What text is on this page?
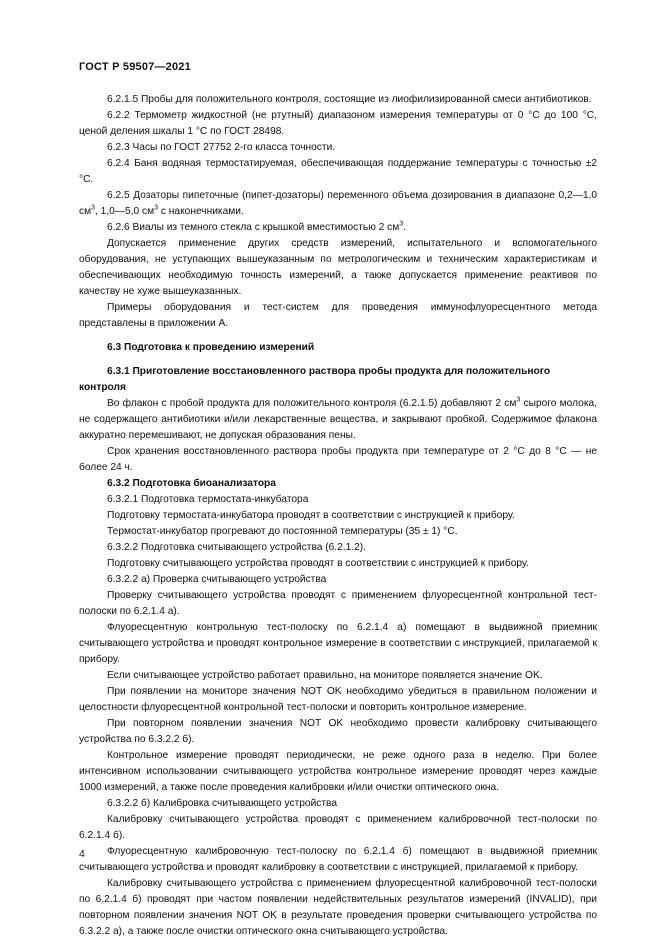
ГОСТ Р 59507—2021
6.2.1.5 Пробы для положительного контроля, состоящие из лиофилизированной смеси антибиотиков.
6.2.2 Термометр жидкостной (не ртутный) диапазоном измерения температуры от 0 °С до 100 °С, ценой деления шкалы 1 °С по ГОСТ 28498.
6.2.3 Часы по ГОСТ 27752 2-го класса точности.
6.2.4 Баня водяная термостатируемая, обеспечивающая поддержание температуры с точностью ±2 °С.
6.2.5 Дозаторы пипеточные (пипет-дозаторы) переменного объема дозирования в диапазоне 0,2—1,0 $см^3$, 1,0—5,0 $см^3$ с наконечниками.
6.2.6 Виалы из темного стекла с крышкой вместимостью 2 $см^3$.
Допускается применение других средств измерений, испытательного и вспомогательного оборудования, не уступающих вышеуказанным по метрологическим и техническим характеристикам и обеспечивающих необходимую точность измерений, а также допускается применение реактивов по качеству не хуже вышеуказанных.
Примеры оборудования и тест-систем для проведения иммунофлуоресцентного метода представлены в приложении А.
6.3 Подготовка к проведению измерений
6.3.1 Приготовление восстановленного раствора пробы продукта для положительного контроля
Во флакон с пробой продукта для положительного контроля (6.2.1.5) добавляют 2 $см^3$ сырого молока, не содержащего антибиотики и/или лекарственные вещества, и закрывают пробкой. Содержимое флакона аккуратно перемешивают, не допуская образования пены.
Срок хранения восстановленного раствора пробы продукта при температуре от 2 °С до 8 °С — не более 24 ч.
6.3.2 Подготовка биоанализатора
6.3.2.1 Подготовка термостата-инкубатора
Подготовку термостата-инкубатора проводят в соответствии с инструкцией к прибору.
Термостат-инкубатор прогревают до постоянной температуры (35 ± 1) °С.
6.3.2.2 Подготовка считывающего устройства (6.2.1.2).
Подготовку считывающего устройства проводят в соответствии с инструкцией к прибору.
6.3.2.2 а) Проверка считывающего устройства
Проверку считывающего устройства проводят с применением флуоресцентной контрольной тест-полоски по 6.2.1.4 а).
Флуоресцентную контрольную тест-полоску по 6.2.1.4 а) помещают в выдвижной приемник считывающего устройства и проводят контрольное измерение в соответствии с инструкцией, прилагаемой к прибору.
Если считывающее устройство работает правильно, на мониторе появляется значение OK.
При появлении на мониторе значения NOT OK необходимо убедиться в правильном положении и целостности флуоресцентной контрольной тест-полоски и повторить контрольное измерение.
При повторном появлении значения NOT OK необходимо провести калибровку считывающего устройства по 6.3.2.2 б).
Контрольное измерение проводят периодически, не реже одного раза в неделю. При более интенсивном использовании считывающего устройства контрольное измерение проводят через каждые 1000 измерений, а также после проведения калибровки и/или очистки оптического окна.
6.3.2.2 б) Калибровка считывающего устройства
Калибровку считывающего устройства проводят с применением калибровочной тест-полоски по 6.2.1.4 б).
Флуоресцентную калибровочную тест-полоску по 6.2.1.4 б) помещают в выдвижной приемник считывающего устройства и проводят калибровку в соответствии с инструкцией, прилагаемой к прибору.
Калибровку считывающего устройства с применением флуоресцентной калибровочной тест-полоски по 6.2.1.4 б) проводят при частом появлении недействительных результатов измерений (INVALID), при повторном появлении значения NOT OK в результате проведения проверки считывающего устройства по 6.3.2.2 а), а также после очистки оптического окна считывающего устройства.
4
